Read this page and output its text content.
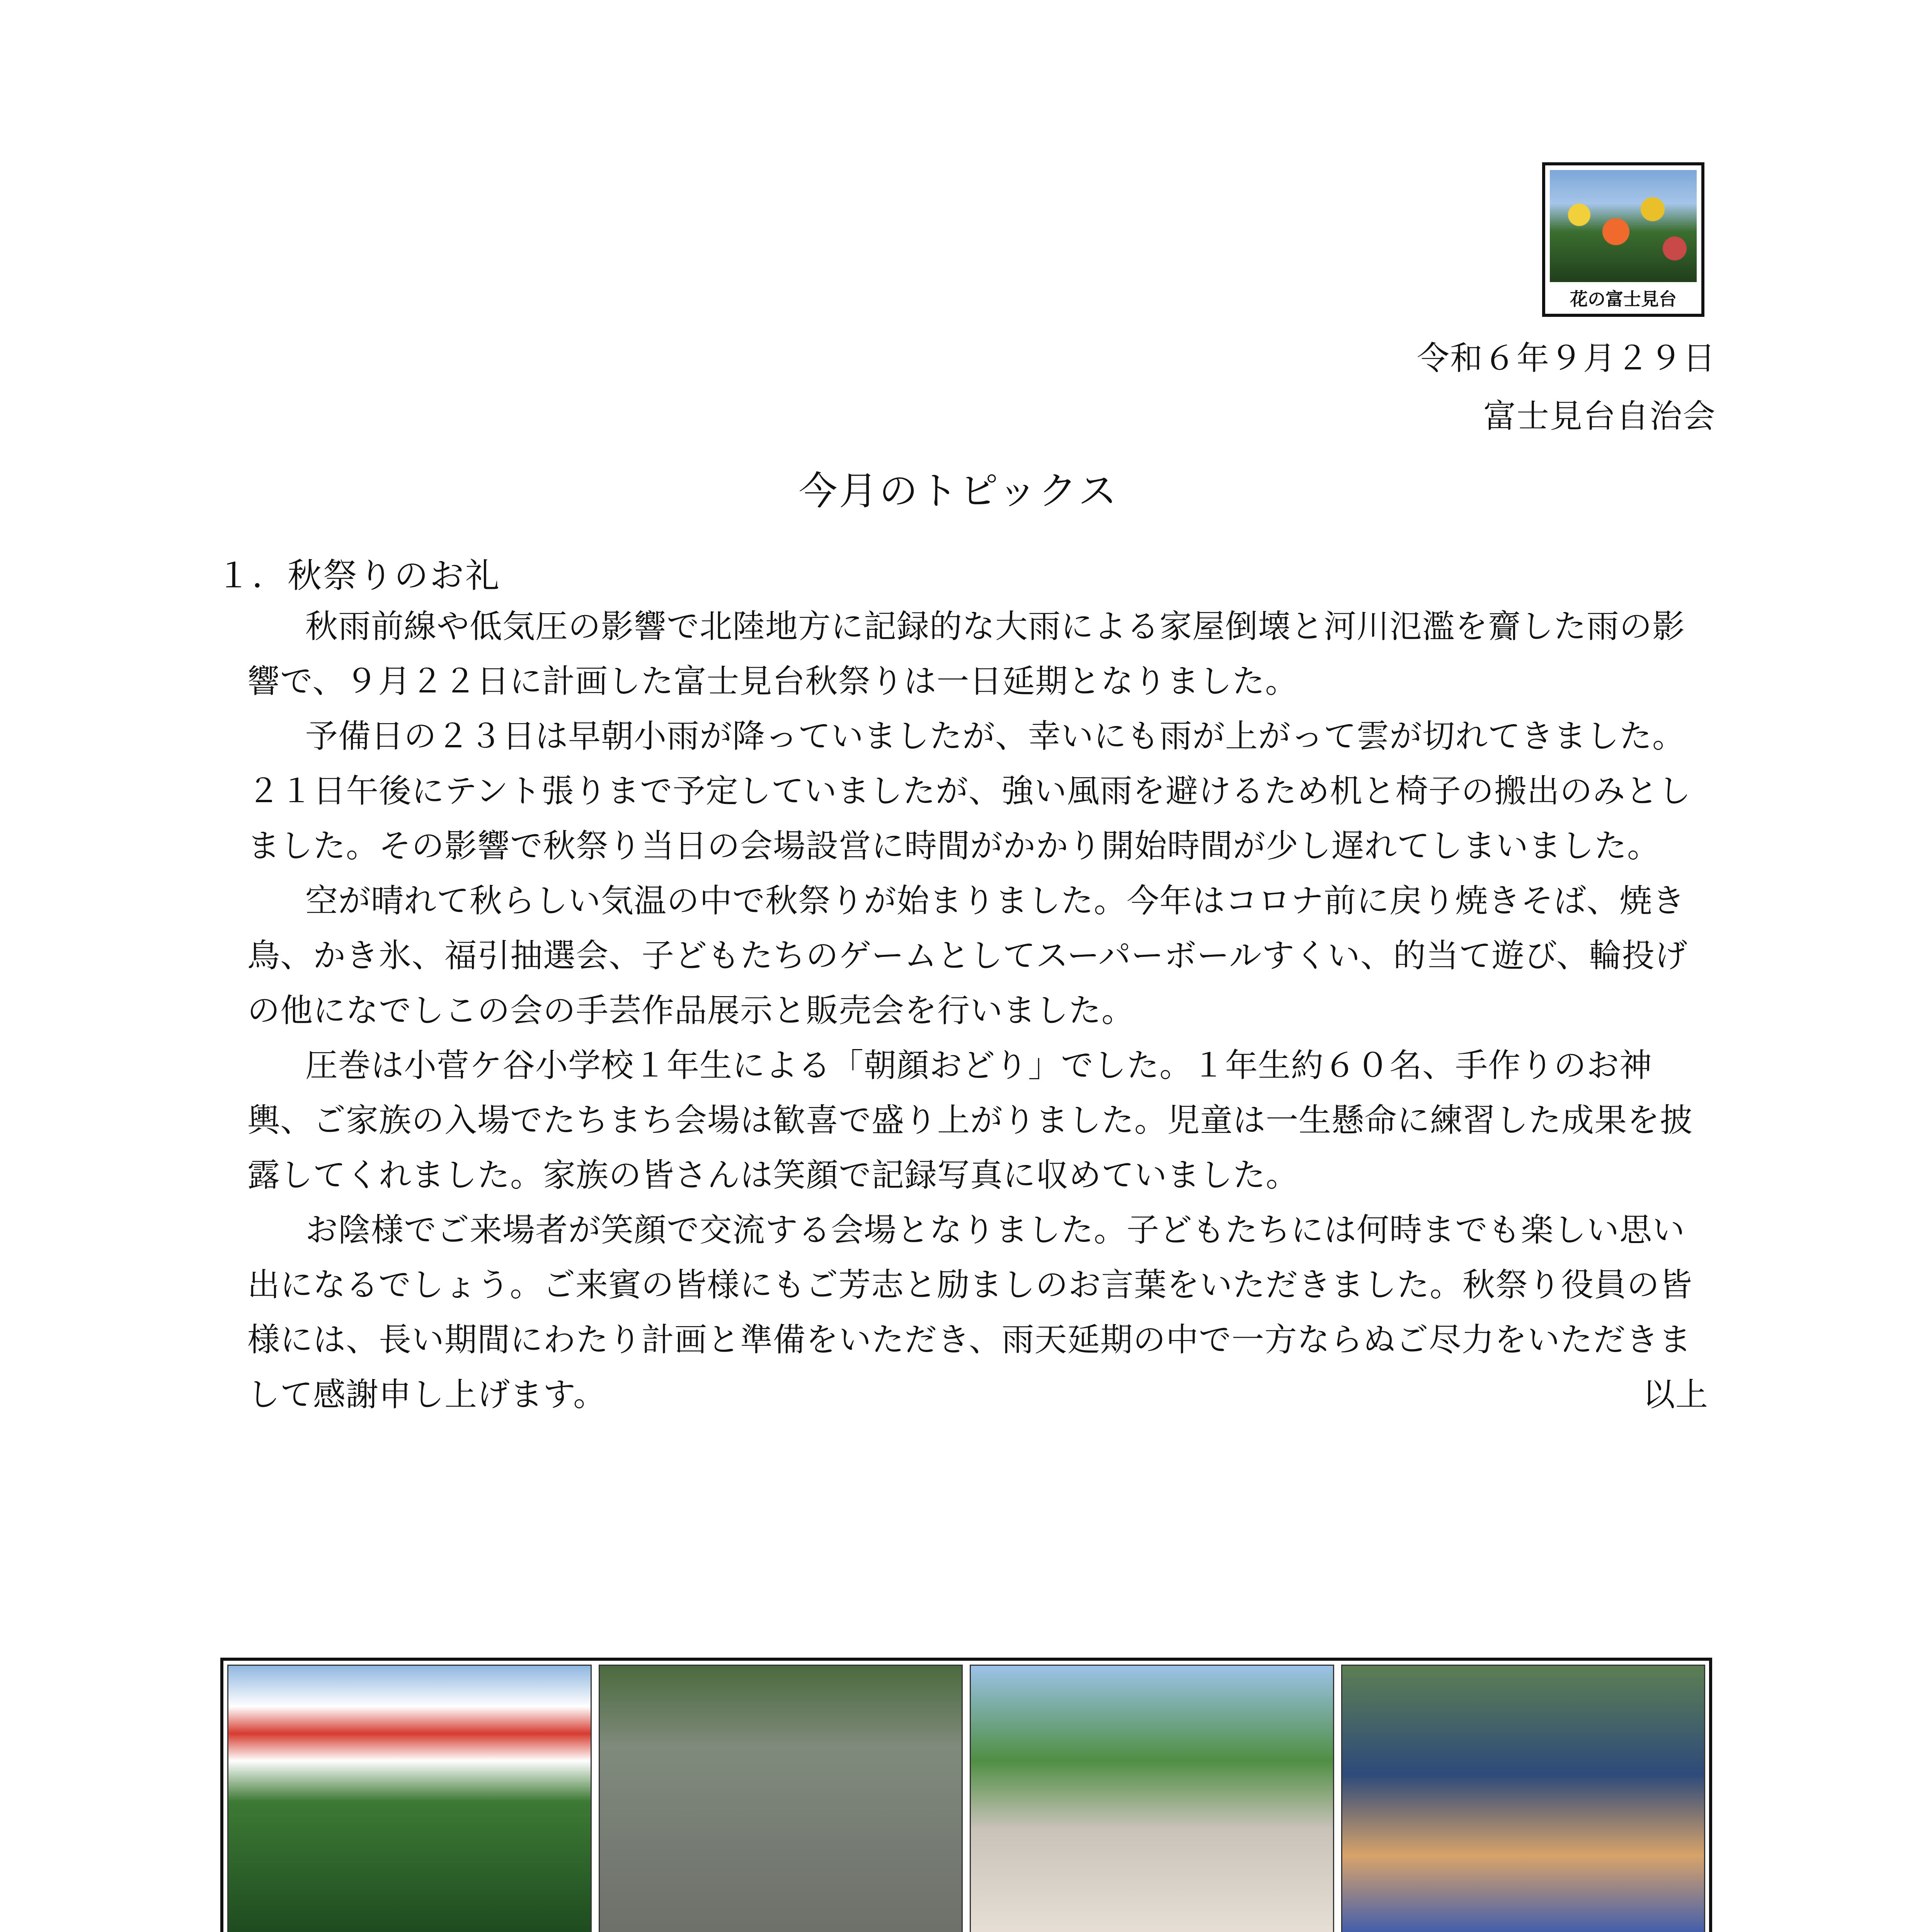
花の富士見台
令和６年９月２９日
富士見台自治会
今月のトピックス
１．秋祭りのお礼

秋雨前線や低気圧の影響で北陸地方に記録的な大雨による家屋倒壊と河川氾濫を齎した雨の影響で、９月２２日に計画した富士見台秋祭りは一日延期となりました。

予備日の２３日は早朝小雨が降っていましたが、幸いにも雨が上がって雲が切れてきました。２１日午後にテント張りまで予定していましたが、強い風雨を避けるため机と椅子の搬出のみとしました。その影響で秋祭り当日の会場設営に時間がかかり開始時間が少し遅れてしまいました。

空が晴れて秋らしい気温の中で秋祭りが始まりました。今年はコロナ前に戻り焼きそば、焼き鳥、かき氷、福引抽選会、子どもたちのゲームとしてスーパーボールすくい、的当て遊び、輪投げの他になでしこの会の手芸作品展示と販売会を行いました。

圧巻は小菅ケ谷小学校１年生による「朝顔おどり」でした。１年生約６０名、手作りのお神輿、ご家族の入場でたちまち会場は歓喜で盛り上がりました。児童は一生懸命に練習した成果を披露してくれました。家族の皆さんは笑顔で記録写真に収めていました。

お陰様でご来場者が笑顔で交流する会場となりました。子どもたちには何時までも楽しい思い出になるでしょう。ご来賓の皆様にもご芳志と励ましのお言葉をいただきました。秋祭り役員の皆様には、長い期間にわたり計画と準備をいただき、雨天延期の中で一方ならぬご尽力をいただきまして感謝申し上げます。	以上
